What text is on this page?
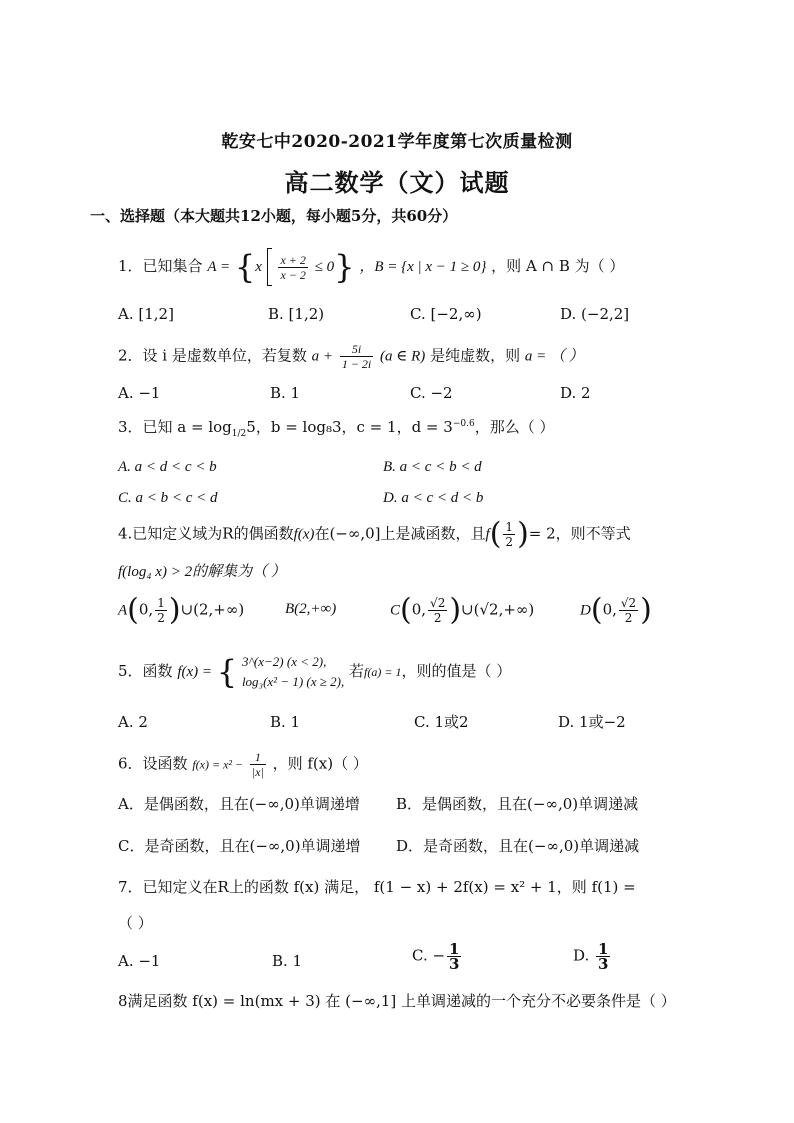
乾安七中2020-2021学年度第七次质量检测
高二数学（文）试题
一、选择题（本大题共12小题，每小题5分，共60分）
1．已知集合 $A = \{x \frac{x + 2}{x - 2} \le 0\}$ ，B = {x | x − 1 ≥ 0} ，则 A ∩ B 为（ ）
A. [1,2]	B. [1,2)	C. [−2,∞)	D. (−2,2]
2．设 i 是虚数单位，若复数 $a + \frac{5i}{1 - 2i} (a$ ∈ R) 是纯虚数，则 a = （ ）
A. −1	B. 1	C. −2	D. 2
3．已知 $a = \log_{1/2}5$，b = log₈3，c = 1，$d = 3^{-0.6}$，那么（ ）
A. a < d < c < b	B. a < c < b < d
C. a < b < c < d	D. a < c < d < b
4.已知定义域为R的偶函数f(x)在(−∞,0]上是减函数，且$f( \frac{1}{2}$ )= 2，则不等式
f(log₄ x) > 2的解集为（ ）
A(0, $\frac{1}{2}$ )∪(2,+∞)	B(2,+∞)	C(0, $\frac{√2}{2}$ )∪(√2,+∞)	D(0, $\frac{√2}{2}$ )
5．函数 f(x) = { 3^(x−2) (x < 2),
log₃(x² − 1) (x ≥ 2),
若f(a) = 1，则的值是（ ）
A. 2	B. 1	C. 1或2	D. 1或−2
6．设函数 $f(x) = x^2 - \frac{1}{|x|}$ ，则 f(x)（ ）
A．是偶函数，且在(−∞,0)单调递增 B．是偶函数，且在(−∞,0)单调递减
C．是奇函数，且在(−∞,0)单调递增 D．是奇函数，且在(−∞,0)单调递减
7．已知定义在R上的函数 f(x) 满足， f(1 − x) + 2f(x) = x² + 1，则 f(1) =
（ ）
A. −1	B. 1	C. − $\frac{1}{3}$	D. $\frac{1}{3}$
8满足函数 f(x) = ln(mx + 3) 在 (−∞,1] 上单调递减的一个充分不必要条件是（ ）
